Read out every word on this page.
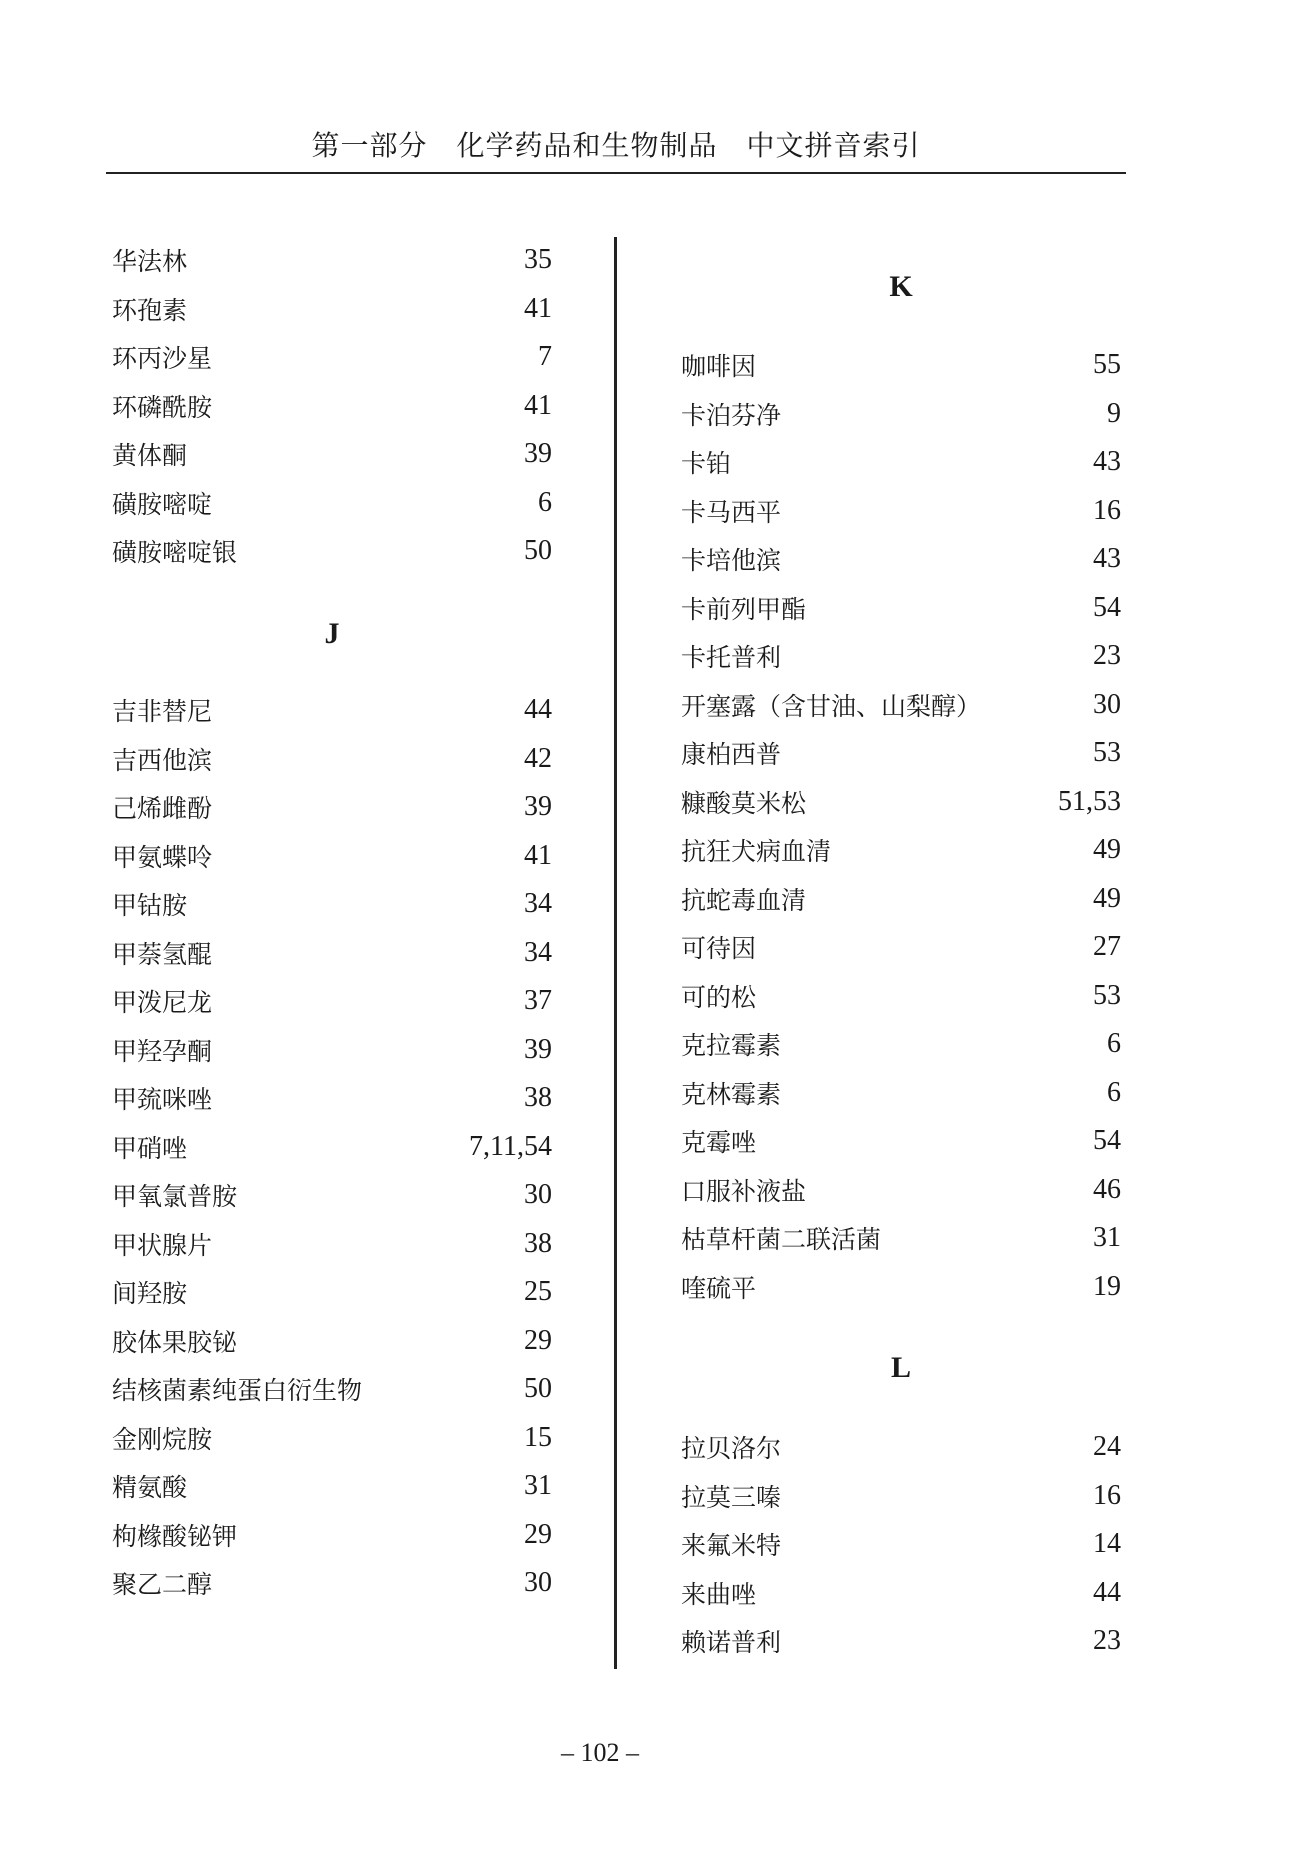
第一部分　化学药品和生物制品　中文拼音索引
华法林	35
环孢素	41
环丙沙星	7
环磷酰胺	41
黄体酮	39
磺胺嘧啶	6
磺胺嘧啶银	50
J
吉非替尼	44
吉西他滨	42
己烯雌酚	39
甲氨蝶呤	41
甲钴胺	34
甲萘氢醌	34
甲泼尼龙	37
甲羟孕酮	39
甲巯咪唑	38
甲硝唑	7,11,54
甲氧氯普胺	30
甲状腺片	38
间羟胺	25
胶体果胶铋	29
结核菌素纯蛋白衍生物	50
金刚烷胺	15
精氨酸	31
枸橼酸铋钾	29
聚乙二醇	30
K
咖啡因	55
卡泊芬净	9
卡铂	43
卡马西平	16
卡培他滨	43
卡前列甲酯	54
卡托普利	23
开塞露（含甘油、山梨醇）	30
康柏西普	53
糠酸莫米松	51,53
抗狂犬病血清	49
抗蛇毒血清	49
可待因	27
可的松	53
克拉霉素	6
克林霉素	6
克霉唑	54
口服补液盐	46
枯草杆菌二联活菌	31
喹硫平	19
L
拉贝洛尔	24
拉莫三嗪	16
来氟米特	14
来曲唑	44
赖诺普利	23
– 102 –
